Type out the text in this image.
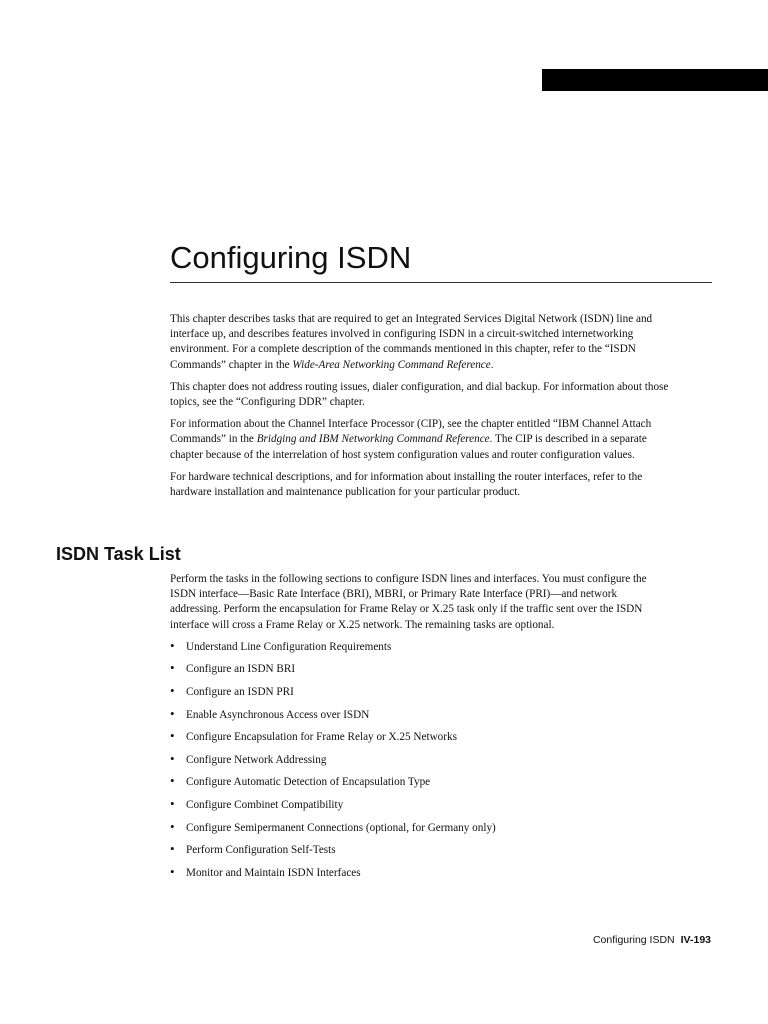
Configuring ISDN

This chapter describes tasks that are required to get an Integrated Services Digital Network (ISDN) line and interface up, and describes features involved in configuring ISDN in a circuit-switched internetworking environment. For a complete description of the commands mentioned in this chapter, refer to the “ISDN Commands” chapter in the Wide-Area Networking Command Reference.

This chapter does not address routing issues, dialer configuration, and dial backup. For information about those topics, see the “Configuring DDR” chapter.

For information about the Channel Interface Processor (CIP), see the chapter entitled “IBM Channel Attach Commands” in the Bridging and IBM Networking Command Reference. The CIP is described in a separate chapter because of the interrelation of host system configuration values and router configuration values.

For hardware technical descriptions, and for information about installing the router interfaces, refer to the hardware installation and maintenance publication for your particular product.

ISDN Task List

Perform the tasks in the following sections to configure ISDN lines and interfaces. You must configure the ISDN interface—Basic Rate Interface (BRI), MBRI, or Primary Rate Interface (PRI)—and network addressing. Perform the encapsulation for Frame Relay or X.25 task only if the traffic sent over the ISDN interface will cross a Frame Relay or X.25 network. The remaining tasks are optional.

• Understand Line Configuration Requirements
• Configure an ISDN BRI
• Configure an ISDN PRI
• Enable Asynchronous Access over ISDN
• Configure Encapsulation for Frame Relay or X.25 Networks
• Configure Network Addressing
• Configure Automatic Detection of Encapsulation Type
• Configure Combinet Compatibility
• Configure Semipermanent Connections (optional, for Germany only)
• Perform Configuration Self-Tests
• Monitor and Maintain ISDN Interfaces
Configuring ISDN IV-193
